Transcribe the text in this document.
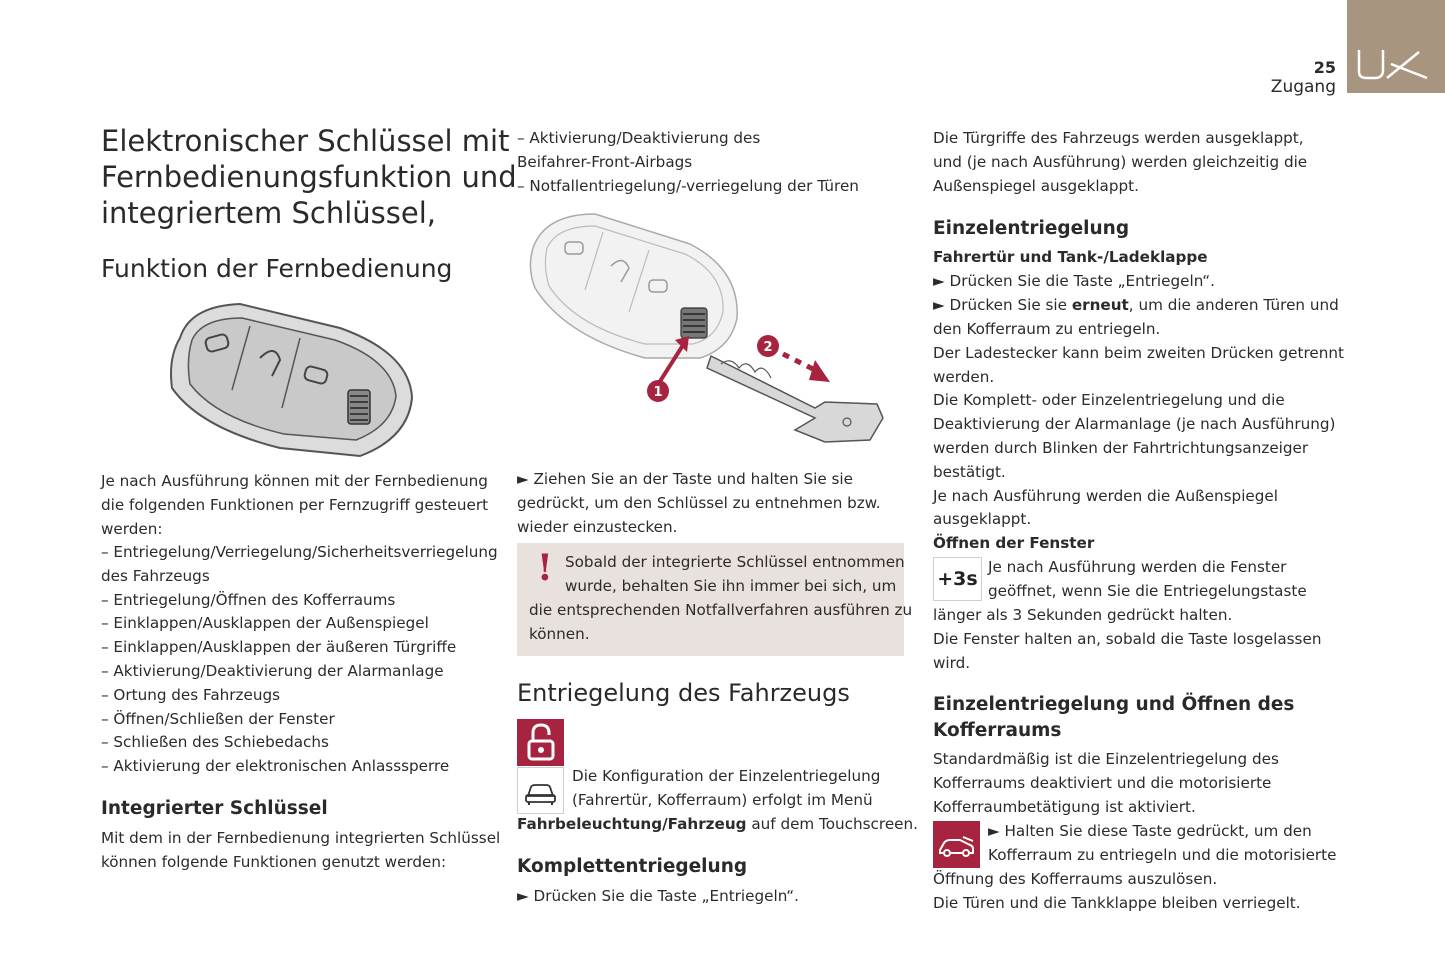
25
Zugang
Elektronischer Schlüssel mit
Fernbedienungsfunktion und
integriertem Schlüssel,
Funktion der Fernbedienung
Je nach Ausführung können mit der Fernbedienung
die folgenden Funktionen per Fernzugriff gesteuert
werden:
– Entriegelung/Verriegelung/Sicherheitsverriegelung
des Fahrzeugs
– Entriegelung/Öffnen des Kofferraums
– Einklappen/Ausklappen der Außenspiegel
– Einklappen/Ausklappen der äußeren Türgriffe
– Aktivierung/Deaktivierung der Alarmanlage
– Ortung des Fahrzeugs
– Öffnen/Schließen der Fenster
– Schließen des Schiebedachs
– Aktivierung der elektronischen Anlasssperre
Integrierter Schlüssel
Mit dem in der Fernbedienung integrierten Schlüssel
können folgende Funktionen genutzt werden:
– Aktivierung/Deaktivierung des
Beifahrer-Front-Airbags
– Notfallentriegelung/-verriegelung der Türen
1
2
► Ziehen Sie an der Taste und halten Sie sie
gedrückt, um den Schlüssel zu entnehmen bzw.
wieder einzustecken.
! Sobald der integrierte Schlüssel entnommen
wurde, behalten Sie ihn immer bei sich, um
die entsprechenden Notfallverfahren ausführen zu
können.
Entriegelung des Fahrzeugs
Die Konfiguration der Einzelentriegelung
(Fahrertür, Kofferraum) erfolgt im Menü
Fahrbeleuchtung/Fahrzeug auf dem Touchscreen.
Komplettentriegelung
► Drücken Sie die Taste „Entriegeln“.
Die Türgriffe des Fahrzeugs werden ausgeklappt,
und (je nach Ausführung) werden gleichzeitig die
Außenspiegel ausgeklappt.
Einzelentriegelung
Fahrertür und Tank-/Ladeklappe
► Drücken Sie die Taste „Entriegeln“.
► Drücken Sie sie erneut, um die anderen Türen und
den Kofferraum zu entriegeln.
Der Ladestecker kann beim zweiten Drücken getrennt
werden.
Die Komplett- oder Einzelentriegelung und die
Deaktivierung der Alarmanlage (je nach Ausführung)
werden durch Blinken der Fahrtrichtungsanzeiger
bestätigt.
Je nach Ausführung werden die Außenspiegel
ausgeklappt.
Öffnen der Fenster
+3s
Je nach Ausführung werden die Fenster
geöffnet, wenn Sie die Entriegelungstaste
länger als 3 Sekunden gedrückt halten.
Die Fenster halten an, sobald die Taste losgelassen
wird.
Einzelentriegelung und Öffnen des
Kofferraums
Standardmäßig ist die Einzelentriegelung des
Kofferraums deaktiviert und die motorisierte
Kofferraumbetätigung ist aktiviert.
► Halten Sie diese Taste gedrückt, um den
Kofferraum zu entriegeln und die motorisierte
Öffnung des Kofferraums auszulösen.
Die Türen und die Tankklappe bleiben verriegelt.
